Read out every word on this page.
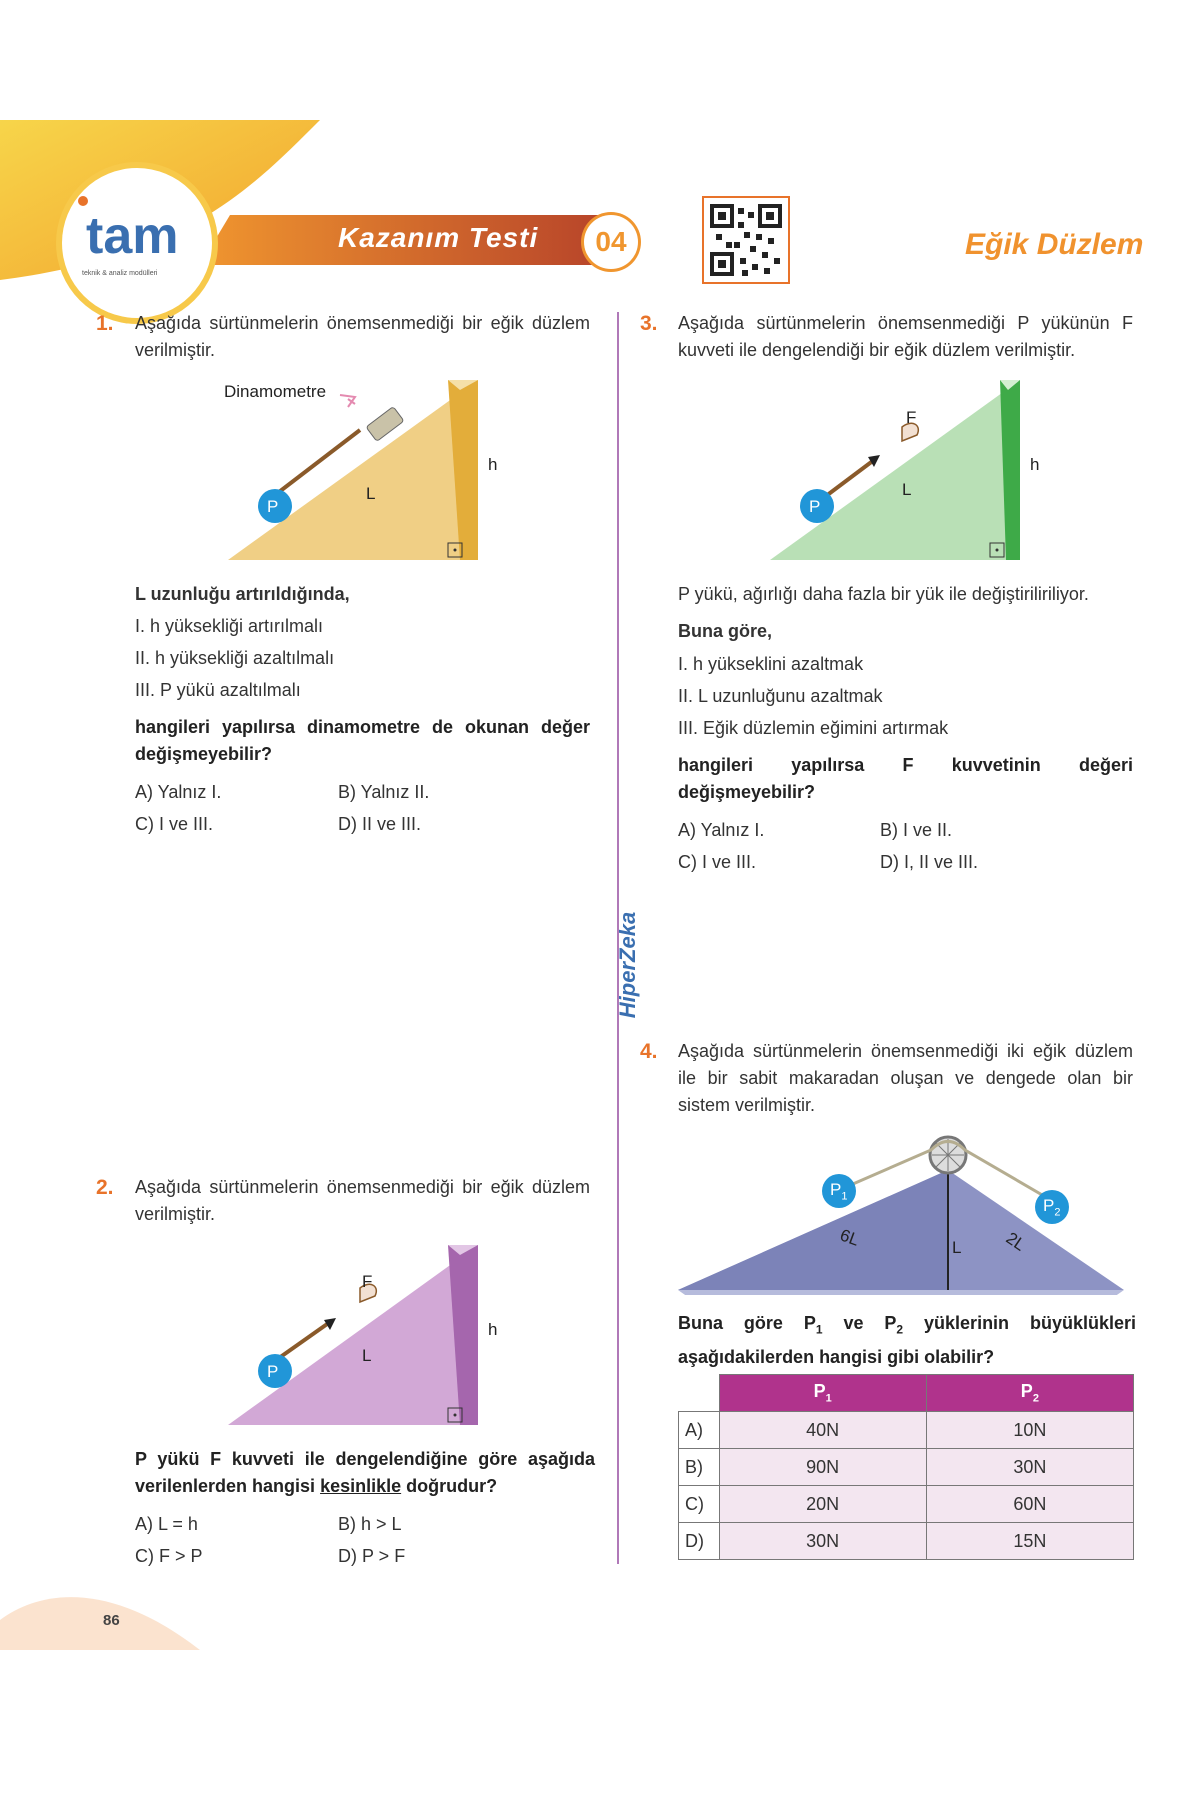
tam
teknik & analiz modülleri
Kazanım Testi	04	Eğik Düzlem
HiperZeka
1. Aşağıda sürtünmelerin önemsenmediği bir eğik düzlem verilmiştir.
Dinamometre
h
L
P
L uzunluğu artırıldığında,
I. h yüksekliği artırılmalı
II. h yüksekliği azaltılmalı
III. P yükü azaltılmalı
hangileri yapılırsa dinamometre de okunan değer değişmeyebilir?
A) Yalnız I.	B) Yalnız II.
C) I ve III.	D) II ve III.
2. Aşağıda sürtünmelerin önemsenmediği bir eğik düzlem verilmiştir.
F
h
L
P
P yükü F kuvveti ile dengelendiğine göre aşağıda verilenlerden hangisi kesinlikle doğrudur?
A) L = h	B) h > L
C) F > P	D) P > F
3. Aşağıda sürtünmelerin önemsenmediği P yükünün F kuvveti ile dengelendiği bir eğik düzlem verilmiştir.
F
h
L
P
P yükü, ağırlığı daha fazla bir yük ile değiştiriliriliyor.
Buna göre,
I. h yükseklini azaltmak
II. L uzunluğunu azaltmak
III. Eğik düzlemin eğimini artırmak
hangileri yapılırsa F kuvvetinin değeri değişmeyebilir?
A) Yalnız I.	B) I ve II.
C) I ve III.	D) I, II ve III.
4. Aşağıda sürtünmelerin önemsenmediği iki eğik düzlem ile bir sabit makaradan oluşan ve dengede olan bir sistem verilmiştir.
$P_1$	$P_2$
6L	L 2L
Buna göre $P_1$ ve $P_2$ yüklerinin büyüklükleri aşağıdakilerden hangisi gibi olabilir?
	$P_1$	$P_2$
A)	40N	10N
B)	90N	30N
C)	20N	60N
D)	30N	15N
86
